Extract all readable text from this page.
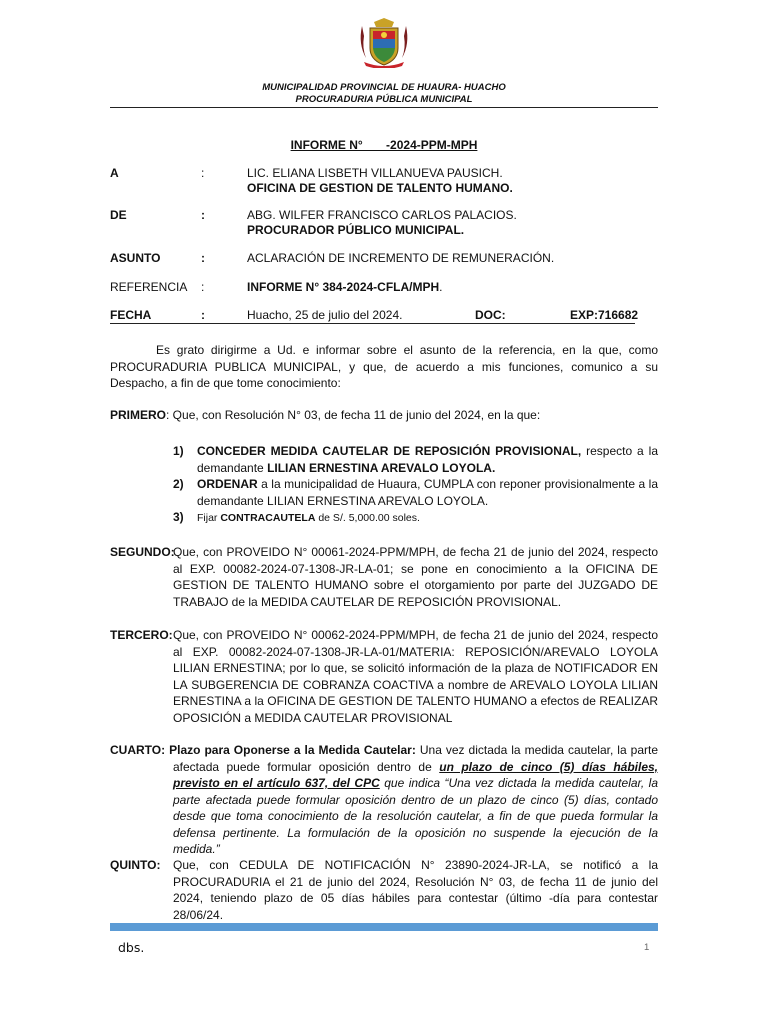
MUNICIPALIDAD PROVINCIAL DE HUAURA- HUACHO
PROCURADURIA PÚBLICA MUNICIPAL
INFORME N°       -2024-PPM-MPH
A	:	LIC. ELIANA LISBETH VILLANUEVA PAUSICH.
OFICINA DE GESTION DE TALENTO HUMANO.
DE	:	ABG. WILFER FRANCISCO CARLOS PALACIOS.
PROCURADOR PÚBLICO MUNICIPAL.
ASUNTO	:	ACLARACIÓN DE INCREMENTO DE REMUNERACIÓN.
REFERENCIA :	INFORME N° 384-2024-CFLA/MPH.
FECHA	:	Huacho, 25 de julio del 2024.	DOC:	EXP:716682

Es grato dirigirme a Ud. e informar sobre el asunto de la referencia, en la que, como PROCURADURIA PUBLICA MUNICIPAL, y que, de acuerdo a mis funciones, comunico a su Despacho, a fin de que tome conocimiento:

PRIMERO: Que, con Resolución N° 03, de fecha 11 de junio del 2024, en la que:

1) CONCEDER MEDIDA CAUTELAR DE REPOSICIÓN PROVISIONAL, respecto a la demandante LILIAN ERNESTINA AREVALO LOYOLA.
2) ORDENAR a la municipalidad de Huaura, CUMPLA con reponer provisionalmente a la demandante LILIAN ERNESTINA AREVALO LOYOLA.
3) Fijar CONTRACAUTELA de S/. 5,000.00 soles.
SEGUNDO:
Que, con PROVEIDO N° 00061-2024-PPM/MPH, de fecha 21 de junio del 2024, respecto al EXP. 00082-2024-07-1308-JR-LA-01; se pone en conocimiento a la OFICINA DE GESTION DE TALENTO HUMANO sobre el otorgamiento por parte del JUZGADO DE TRABAJO de la MEDIDA CAUTELAR DE REPOSICIÓN PROVISIONAL.
TERCERO: Que, con PROVEIDO N° 00062-2024-PPM/MPH, de fecha 21 de junio del 2024, respecto al EXP. 00082-2024-07-1308-JR-LA-01/MATERIA: REPOSICIÓN/AREVALO LOYOLA LILIAN ERNESTINA; por lo que, se solicitó información de la plaza de NOTIFICADOR EN LA SUBGERENCIA DE COBRANZA COACTIVA a nombre de AREVALO LOYOLA LILIAN ERNESTINA a la OFICINA DE GESTION DE TALENTO HUMANO a efectos de REALIZAR OPOSICIÓN a MEDIDA CAUTELAR PROVISIONAL

CUARTO: Plazo para Oponerse a la Medida Cautelar: Una vez dictada la medida cautelar, la parte afectada puede formular oposición dentro de un plazo de cinco (5) días hábiles, previsto en el artículo 637, del CPC que indica “Una vez dictada la medida cautelar, la parte afectada puede formular oposición dentro de un plazo de cinco (5) días, contado desde que toma conocimiento de la resolución cautelar, a fin de que pueda formular la defensa pertinente. La formulación de la oposición no suspende la ejecución de la medida.”

QUINTO: Que, con CEDULA DE NOTIFICACIÓN N° 23890-2024-JR-LA, se notificó a la PROCURADURIA el 21 de junio del 2024, Resolución N° 03, de fecha 11 de junio del 2024, teniendo plazo de 05 días hábiles para contestar (último -día para contestar 28/06/24.
dbs.	1
